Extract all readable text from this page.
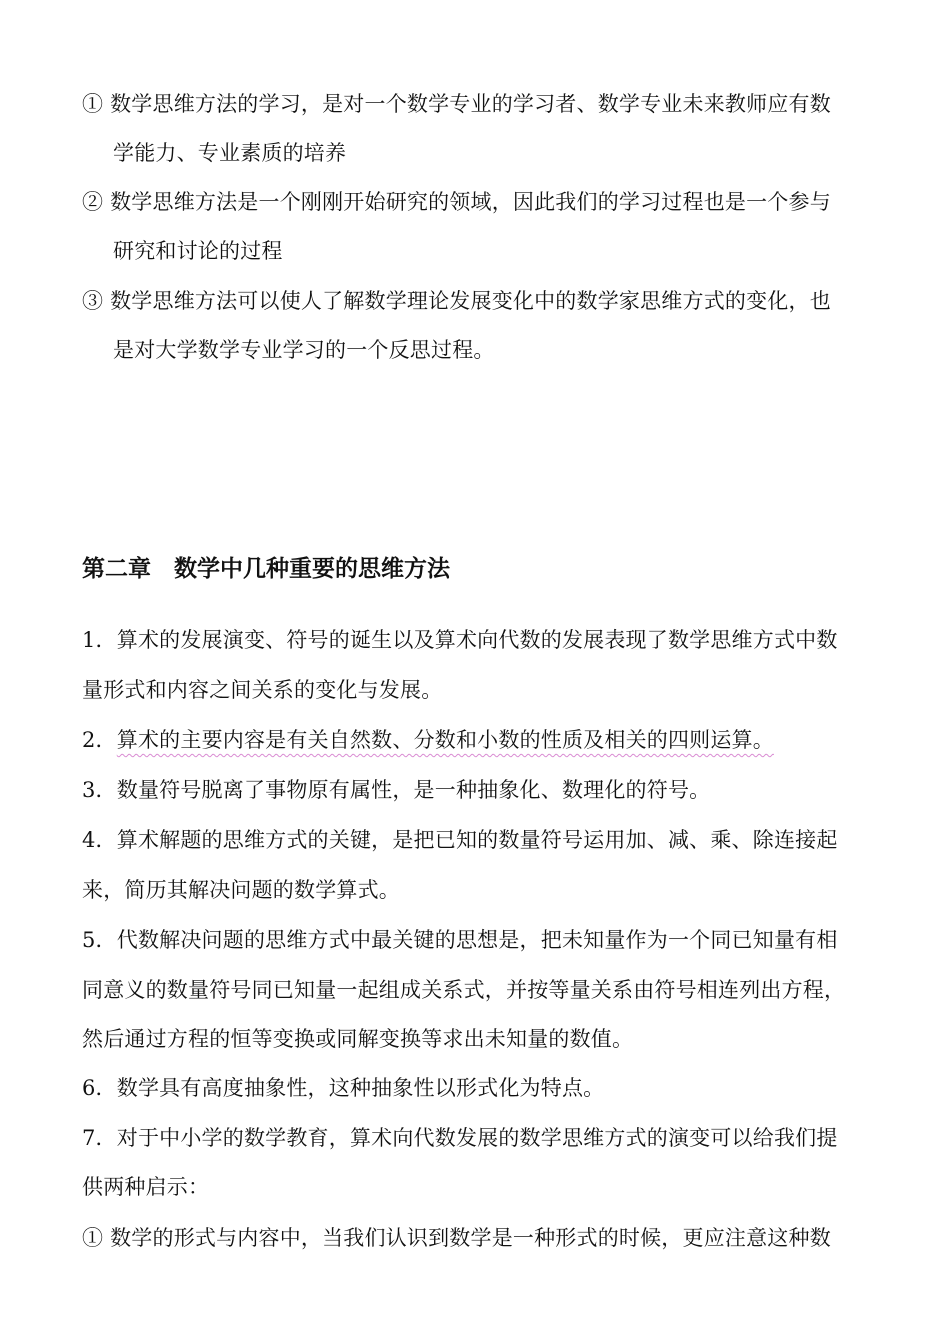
① 数学思维方法的学习，是对一个数学专业的学习者、数学专业未来教师应有数
学能力、专业素质的培养
② 数学思维方法是一个刚刚开始研究的领域，因此我们的学习过程也是一个参与
研究和讨论的过程
③ 数学思维方法可以使人了解数学理论发展变化中的数学家思维方式的变化，也
是对大学数学专业学习的一个反思过程。
第二章　数学中几种重要的思维方法
1．算术的发展演变、符号的诞生以及算术向代数的发展表现了数学思维方式中数
量形式和内容之间关系的变化与发展。
2．算术的主要内容是有关自然数、分数和小数的性质及相关的四则运算。
3．数量符号脱离了事物原有属性，是一种抽象化、数理化的符号。
4．算术解题的思维方式的关键，是把已知的数量符号运用加、减、乘、除连接起
来，简历其解决问题的数学算式。
5．代数解决问题的思维方式中最关键的思想是，把未知量作为一个同已知量有相
同意义的数量符号同已知量一起组成关系式，并按等量关系由符号相连列出方程，
然后通过方程的恒等变换或同解变换等求出未知量的数值。
6．数学具有高度抽象性，这种抽象性以形式化为特点。
7．对于中小学的数学教育，算术向代数发展的数学思维方式的演变可以给我们提
供两种启示：
① 数学的形式与内容中，当我们认识到数学是一种形式的时候，更应注意这种数
